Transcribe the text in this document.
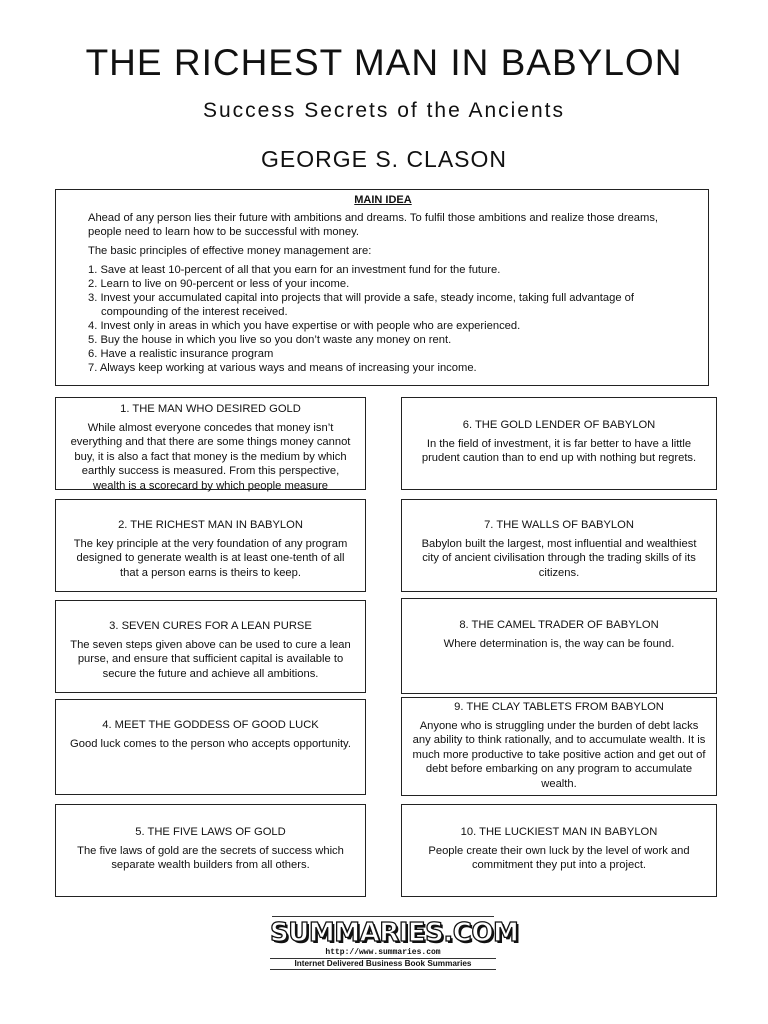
THE RICHEST MAN IN BABYLON
Success Secrets of the Ancients
GEORGE S. CLASON
MAIN IDEA

Ahead of any person lies their future with ambitions and dreams. To fulfil those ambitions and realize those dreams, people need to learn how to be successful with money.

The basic principles of effective money management are:

1. Save at least 10-percent of all that you earn for an investment fund for the future.
2. Learn to live on 90-percent or less of your income.
3. Invest your accumulated capital into projects that will provide a safe, steady income, taking full advantage of compounding of the interest received.
4. Invest only in areas in which you have expertise or with people who are experienced.
5. Buy the house in which you live so you don’t waste any money on rent.
6. Have a realistic insurance program
7. Always keep working at various ways and means of increasing your income.
1. THE MAN WHO DESIRED GOLD
While almost everyone concedes that money isn’t everything and that there are some things money cannot buy, it is also a fact that money is the medium by which earthly success is measured. From this perspective, wealth is a scorecard by which people measure
2. THE RICHEST MAN IN BABYLON
The key principle at the very foundation of any program designed to generate wealth is at least one-tenth of all that a person earns is theirs to keep.
3. SEVEN CURES FOR A LEAN PURSE
The seven steps given above can be used to cure a lean purse, and ensure that sufficient capital is available to secure the future and achieve all ambitions.
4. MEET THE GODDESS OF GOOD LUCK
Good luck comes to the person who accepts opportunity.
5. THE FIVE LAWS OF GOLD
The five laws of gold are the secrets of success which separate wealth builders from all others.
6. THE GOLD LENDER OF BABYLON
In the field of investment, it is far better to have a little prudent caution than to end up with nothing but regrets.
7. THE WALLS OF BABYLON
Babylon built the largest, most influential and wealthiest city of ancient civilisation through the trading skills of its citizens.
8. THE CAMEL TRADER OF BABYLON
Where determination is, the way can be found.
9. THE CLAY TABLETS FROM BABYLON
Anyone who is struggling under the burden of debt lacks any ability to think rationally, and to accumulate wealth. It is much more productive to take positive action and get out of debt before embarking on any program to accumulate wealth.
10. THE LUCKIEST MAN IN BABYLON
People create their own luck by the level of work and commitment they put into a project.
SUMMARIES.COM
http://www.summaries.com
Internet Delivered Business Book Summaries
